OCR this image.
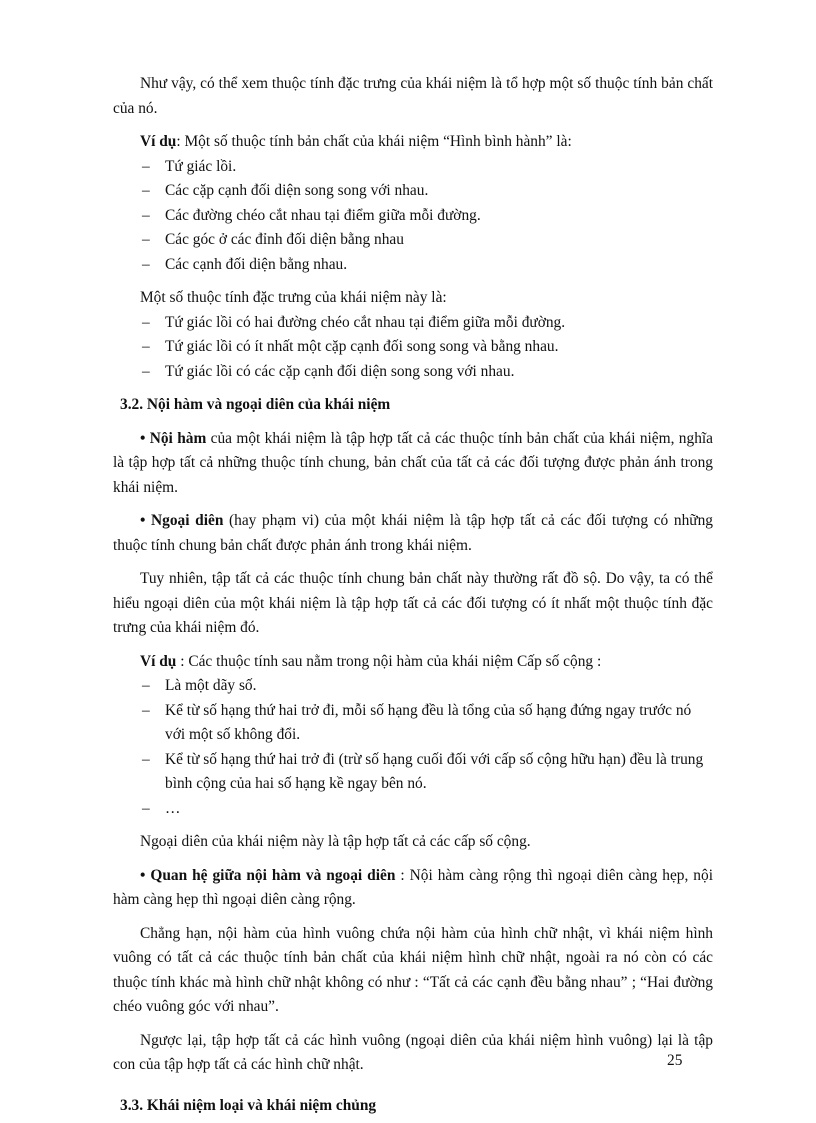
Như vậy, có thể xem thuộc tính đặc trưng của khái niệm là tổ hợp một số thuộc tính bản chất của nó.

Ví dụ: Một số thuộc tính bản chất của khái niệm “Hình bình hành” là:

– Tứ giác lồi.

– Các cặp cạnh đối diện song song với nhau.

– Các đường chéo cắt nhau tại điểm giữa mỗi đường.

– Các góc ở các đỉnh đối diện bằng nhau

– Các cạnh đối diện bằng nhau.

Một số thuộc tính đặc trưng của khái niệm này là:

– Tứ giác lồi có hai đường chéo cắt nhau tại điểm giữa mỗi đường.

– Tứ giác lồi có ít nhất một cặp cạnh đối song song và bằng nhau.

– Tứ giác lồi có các cặp cạnh đối diện song song với nhau.

3.2. Nội hàm và ngoại diên của khái niệm

• Nội hàm của một khái niệm là tập hợp tất cả các thuộc tính bản chất của khái niệm, nghĩa là tập hợp tất cả những thuộc tính chung, bản chất của tất cả các đối tượng được phản ánh trong khái niệm.

• Ngoại diên (hay phạm vi) của một khái niệm là tập hợp tất cả các đối tượng có những thuộc tính chung bản chất được phản ánh trong khái niệm.

Tuy nhiên, tập tất cả các thuộc tính chung bản chất này thường rất đồ sộ. Do vậy, ta có thể hiểu ngoại diên của một khái niệm là tập hợp tất cả các đối tượng có ít nhất một thuộc tính đặc trưng của khái niệm đó.

Ví dụ : Các thuộc tính sau nằm trong nội hàm của khái niệm Cấp số cộng :

– Là một dãy số.

– Kể từ số hạng thứ hai trở đi, mỗi số hạng đều là tổng của số hạng đứng ngay trước nó với một số không đổi.

– Kể từ số hạng thứ hai trở đi (trừ số hạng cuối đối với cấp số cộng hữu hạn) đều là trung bình cộng của hai số hạng kề ngay bên nó.

– …

Ngoại diên của khái niệm này là tập hợp tất cả các cấp số cộng.

• Quan hệ giữa nội hàm và ngoại diên : Nội hàm càng rộng thì ngoại diên càng hẹp, nội hàm càng hẹp thì ngoại diên càng rộng.

Chẳng hạn, nội hàm của hình vuông chứa nội hàm của hình chữ nhật, vì khái niệm hình vuông có tất cả các thuộc tính bản chất của khái niệm hình chữ nhật, ngoài ra nó còn có các thuộc tính khác mà hình chữ nhật không có như : “Tất cả các cạnh đều bằng nhau” ; “Hai đường chéo vuông góc với nhau”.

Ngược lại, tập hợp tất cả các hình vuông (ngoại diên của khái niệm hình vuông) lại là tập con của tập hợp tất cả các hình chữ nhật.

3.3. Khái niệm loại và khái niệm chủng

25
